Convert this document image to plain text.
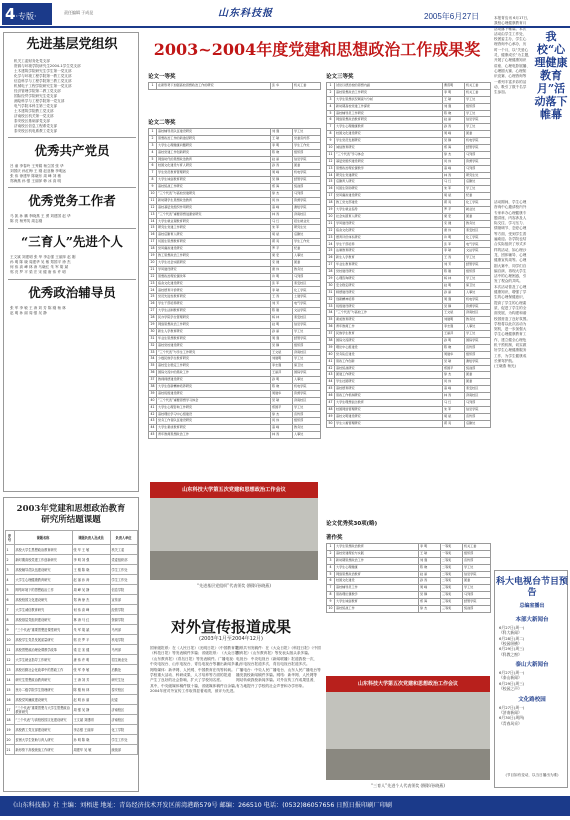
4·专版·	责任编辑 于成昆	山东科技报	2005年6月27日
先进基层党组织
机关工委财务处党支部
资源与环境学院研究生2004-1学生党支部
土木建筑学院研究生学生第一党支部
化学与环境工程学院第一教工党支部
信息科学与工程学院第三教工党支部
机械电子工程学院研究生第一党支部
经济管理学院第二教工党支部
国际经贸学院研究生党支部
测绘科学与工程学院第一党支部
电气学院本科生第三党支部
土木建筑学院教工党支部
济南校区机关第一党支部
泰安校区基础部党支部
济南校区信息工程系党支部
泰安校区机电系教工党支部
优秀共产党员
吕 童 李春玲 王秀娟 杨立国 张 华
刘国庆 孙红梅 王 刚 赵亚楠 李明远
张 伟 徐建华 陈晓东 周 峰 刘 敏
郑海燕 孙 强 王丽萍 韩 冰 高 明
优秀党务工作者
马 凯 孙 鹏 李晓燕 王 勇 刘建国 赵 华
陈 亮 杨秀英 周志刚
“三育人”先进个人
王文斌 刘建明 张 华 李志强 王丽萍 赵 刚
孙 明 陈 晓 周建华 吴 敏 郑国平 徐 杰
何 伟 高 峰 林 涛 马晓红 朱 军 胡 斌
郭 亮 罗 平 梁 宏 宋 健 唐 伟 许 明
优秀政治辅导员
张 军 李 敏 王 涛 刘 芳 陈 刚 杨 林
赵 明 孙 丽 周 强 吴 静
2003年党建和思想政治教育
研究所结题课题
序号	课题名称	课题负责人及成员	负责人单位
1	高校大学生思想政治教育研究	张 华 王 敏	机关工委
2	新时期高校党建工作创新研究	李 明 刘 强	党委组织部
3	高校辅导员队伍建设研究	王 刚 陈 晓	学生工作处
4	大学生心理健康教育研究	赵 丽 孙 涛	学生工作处
5	网络环境下的思想政治工作	周 峰 吴 静	信息学院
6	高校校园文化建设研究	郑 海 徐 杰	宣传部
7	大学生诚信教育研究	何 伟 高 峰	经管学院
8	高校基层党组织建设研究	林 涛 马 红	资源学院
9	“三个代表”重要思想进课堂研究	朱 军 胡 斌	马列部
10	高校学生党员发展质量研究	郭 亮 罗 平	机电学院
11	高校思想政治理论课教学改革	梁 宏 宋 健	马列部
12	大学生就业指导工作研究	唐 伟 许 明	招生就业处
13	高校后勤社会化改革中的思政工作	张 军 李 敏	后勤处
14	研究生思想政治教育研究	王 涛 刘 芳	研究生处
15	民办二级学院学生管理研究	陈 刚 杨 林	泰安校区
16	高校党风廉政建设研究	赵 明 孙 丽	纪委
17	“三个代表”重要思想与大学生思想政治教育研究	周 强 吴 静	济南校区
18	“三个代表”与高校校园文化建设研究	王文斌 刘建明	济南校区
19	高校教工党支部建设研究	李志强 王丽萍	化工学院
20	贫困大学生资助与育人研究	孙 明 陈 晓	学生工作处
21	新形势下高校统战工作研究	周建华 吴 敏	统战部
2003~2004年度党建和思想政治工作成果奖
论文一等奖
1	在新形势下加强高校思想政治工作的研究	张 华	机关工委
论文二等奖
1	高校辅导员队伍建设研究	刘 强	学工处
2	思想政治工作的新途径研究	王 敏	党委宣传部
3	大学生心理健康问题研究	李 明	学生工作处
4	高校党建工作创新研究	陈 晓	组织部
5	网络时代的思想政治教育	赵 丽	信息学院
6	校园文化建设与育人研究	孙 涛	团委
7	学生党员教育管理研究	周 峰	机电学院
8	大学生诚信教育研究	吴 静	经管学院
9	高校统战工作研究	郑 海	统战部
10	“三个代表”与高校党建研究	徐 杰	马列部
11	新时期学生思想政治教育	何 伟	资源学院
12	高校基层党组织作用研究	高 峰	测绘学院
13	“三个代表”重要思想进课堂研究	林 涛	济南校区
14	大学生就业观教育研究	马 红	招生就业处
15	研究生党建工作研究	朱 军	研究生处
16	高校后勤育人研究	胡 斌	后勤处
17	贫困生思想教育研究	郭 亮	学生工作处
18	党风廉政建设研究	罗 平	纪委
19	教工思想政治工作研究	梁 宏	人事处
20	大学生社会实践研究	宋 健	团委
21	学风建设研究	唐 伟	教务处
22	思想政治理论课改革	许 明	马列部
23	宿舍文化建设研究	张 军	泰安校区
24	高校德育评价研究	李 敏	化工学院
25	党员先进性教育研究	王 涛	土建学院
26	学生干部培养研究	刘 芳	电气学院
27	大学生法制教育研究	陈 刚	文法学院
28	民办学院学生管理研究	杨 林	泰安校区
29	网络思想政治工作研究	赵 明	信息学院
30	新生入学教育研究	孙 丽	学工处
31	毕业生思想教育研究	周 强	经管学院
32	高校党校建设研究	吴 静	组织部
33	“三个代表”与学生工作研究	王文斌	济南校区
34	少数民族学生教育研究	刘建明	学工处
35	高校安全稳定工作研究	李志强	保卫处
36	国际交流中的思政工作	王丽萍	国际学院
37	教师师德建设研究	孙 明	人事处
38	大学生创新精神培养研究	陈 晓	机电学院
39	高校班级建设研究	周建华	资源学院
40	“三个代表”重要思想学习体会	吴 敏	济南校区
41	大学生心理咨询工作研究	郑国平	学工处
42	高校理论学习中心组建设	徐 杰	宣传部
43	党务工作者队伍建设研究	何 伟	组织部
44	大学生素质教育研究	高 峰	教务处
45	青年教师思想政治工作	林 涛	人事处
论文三等奖
1	试论以德治校的思想内涵	曹晋明	机关工委
2	高校思想政治工作研究	李 明	机关工委
3	大学生思想状况调查与分析	王 敏	学工处
4	新时期高校党建工作探索	刘 强	组织部
5	高校辅导员工作研究	陈 晓	学工处
6	网络思想政治教育研究	赵 丽	信息学院
7	大学生心理健康教育	孙 涛	学工处
8	校园文化建设研究	周 峰	团委
9	学生党员发展研究	吴 静	机电学院
10	诚信教育研究	郑 海	经管学院
11	“三个代表”学习体会	徐 杰	马列部
12	基层党组织建设研究	何 伟	资源学院
13	思想政治理论课教学	高 峰	马列部
14	研究生党建研究	林 涛	研究生处
15	后勤育人研究	马 红	后勤处
16	贫困生资助研究	朱 军	学工处
17	党风廉政建设研究	胡 斌	纪委
18	教工党支部建设	郭 亮	化工学院
19	大学生就业指导	罗 平	就业处
20	社会实践育人研究	梁 宏	团委
21	学风建设研究	宋 健	教务处
22	宿舍文化研究	唐 伟	泰安校区
23	德育评价体系研究	许 明	化工学院
24	学生干部培养	张 军	电气学院
25	法制教育研究	李 敏	文法学院
26	新生入学教育	王 涛	学工处
27	毕业生教育研究	刘 芳	经管学院
28	党校建设研究	陈 刚	组织部
29	心理咨询研究	杨 林	学工处
30	安全稳定研究	赵 明	保卫处
31	师德建设研究	孙 丽	人事处
32	创新精神培养	周 强	机电学院
33	班级建设研究	吴 静	资源学院
34	“三个代表”与高校工作	王文斌	济南校区
35	素质教育研究	刘建明	教务处
36	青年教师工作	李志强	人事处
37	民族学生教育	王丽萍	学工处
38	国际交流研究	孙 明	国际学院
39	理论中心组建设	陈 晓	宣传部
40	党务队伍建设	周建华	组织部
41	思政工作创新	吴 敏	测绘学院
42	高校统战研究	郑国平	统战部
43	团建工作研究	徐 杰	团委
44	学生社团研究	何 伟	团委
45	高校德育研究	高 峰	泰安校区
46	思政工作机制研究	林 涛	济南校区
47	大学生理想信念教育	马 红	马列部
48	校园网络管理研究	朱 军	信息学院
49	高校文明建设研究	胡 斌	宣传部
50	学生公寓管理研究	郭 亮	后勤处
论文优秀奖30项(略)
著作奖
1	大学生思想政治教育	李 明	一等奖	机关工委
2	高校党建理论与实践	王 敏	一等奖	组织部
3	新时期思想政治工作	刘 强	二等奖	宣传部
4	大学生心理健康	陈 晓	二等奖	学工处
5	网络思想政治教育	赵 丽	二等奖	信息学院
6	校园文化建设	孙 涛	二等奖	团委
7	高校辅导员工作	周 峰	三等奖	学工处
8	思政理论课教学	吴 静	三等奖	马列部
9	大学生诚信教育	郑 海	三等奖	经管学院
10	高校统战工作	徐 杰	三等奖	统战部
山东科技大学第五次党建和思想政治工作会议
“先进基层党组织”代表领奖 (摄影/孙晓燕)
对外宣传报道成果
(2003年1月至2004年12月)
国家级报纸：在《人民日报》《光明日报》《中国教育报》
《科技日报》等发表稿件多篇；省级报纸：《大众日报》
《山东教育报》《青岛日报》等发表稿件。广播电视：
中央电视台、山东电视台、青岛电视台等播出新闻多条。
网络媒体：新华网、人民网、中国教育在线等转载。
学校重大活动、科研成果、人才培养等方面的报道
产生了良好的社会影响，扩大了学校知名度。
其中，中央级媒体稿件数十篇，省级媒体稿件百余篇。
2004年度对外宣传工作取得显著成绩，被评为先进。
报纸共刊发稿件：在《大众日报》《科技日报》《中国
教育报》《山东教育报》等发表头版头条多篇。
电视台：中央电视台《新闻联播》报道我校一次，
山东电视台报道多次，青岛电视台报道多次。
广播电台：中央人民广播电台、山东人民广播电台等
播发我校新闻稿件多篇。网络：新华网、人民网等
网站转载我校新闻多篇。对外宣传工作成果显著，
有力地提升了学校的社会声誉和办学形象。	山东科技大学第五次党建和思想政治工作会议
“三育人”先进个人代表领奖 (摄影/孙晓燕)
本报青岛讯 6月17日，
我校心理健康教育月
活动落下帷幕。本次
活动由学生工作处、
校团委主办，学生心
理咨询中心承办，历
时一个月，以“关爱心
灵，健康成长”为主题，
开展了心理健康知识
讲座、心理电影展播、
心理剧大赛、心理知
识竞赛、心理咨询等
一系列丰富多彩的活
动，吸引了数千名学
生参加。
我校“心理健康教育月”活动落下帷幕
活动期间，学生心理
咨询中心邀请校内外
专家举办心理健康专
题讲座，内容涉及人
际交往、学习压力、
情绪调节、恋爱心理
等方面，受到学生普
遍欢迎。各学院也结
合实际组织了形式多
样的活动，如心理沙
龙、团体辅导、心理
健康宣传周等。心理
剧大赛中，同学们自
编自演，再现大学生
活中的心理困惑，引
发了观众的共鸣。
本次活动普及了心理
健康知识，增强了学
生的心理保健意识，
提高了学生的心理素
质，促进了学生的全
面发展，为构建和谐
校园营造了良好氛围。
学校将以此次活动为
契机，进一步加强大
学生心理健康教育工
作，建立健全心理危
机干预机制，切实做
好学生心理健康服务
工作，为学生健康成
长保驾护航。
(王晓燕 杨光)
科大电视台节目预告
总编室播出
本部大新闻台
6月27日(周一)
《科大新闻》
6月28日(周二)
《校园纵横》
6月29日(周三)
《科教之窗》
泰山大新闻台
6月27日(周一)
《泰山新闻》
6月29日(周三)
《校园之声》
文化路校园
6月27日(周一)
《济南新闻》
6月30日(周四)
《青春风采》
(节目如有变动，以当日播出为准)
《山东科技报》社 主编：刘梧进 地址：青岛经济技术开发区前湾港路579号 邮编：266510 电话：(0532)86057656 日照日报印刷厂印刷
